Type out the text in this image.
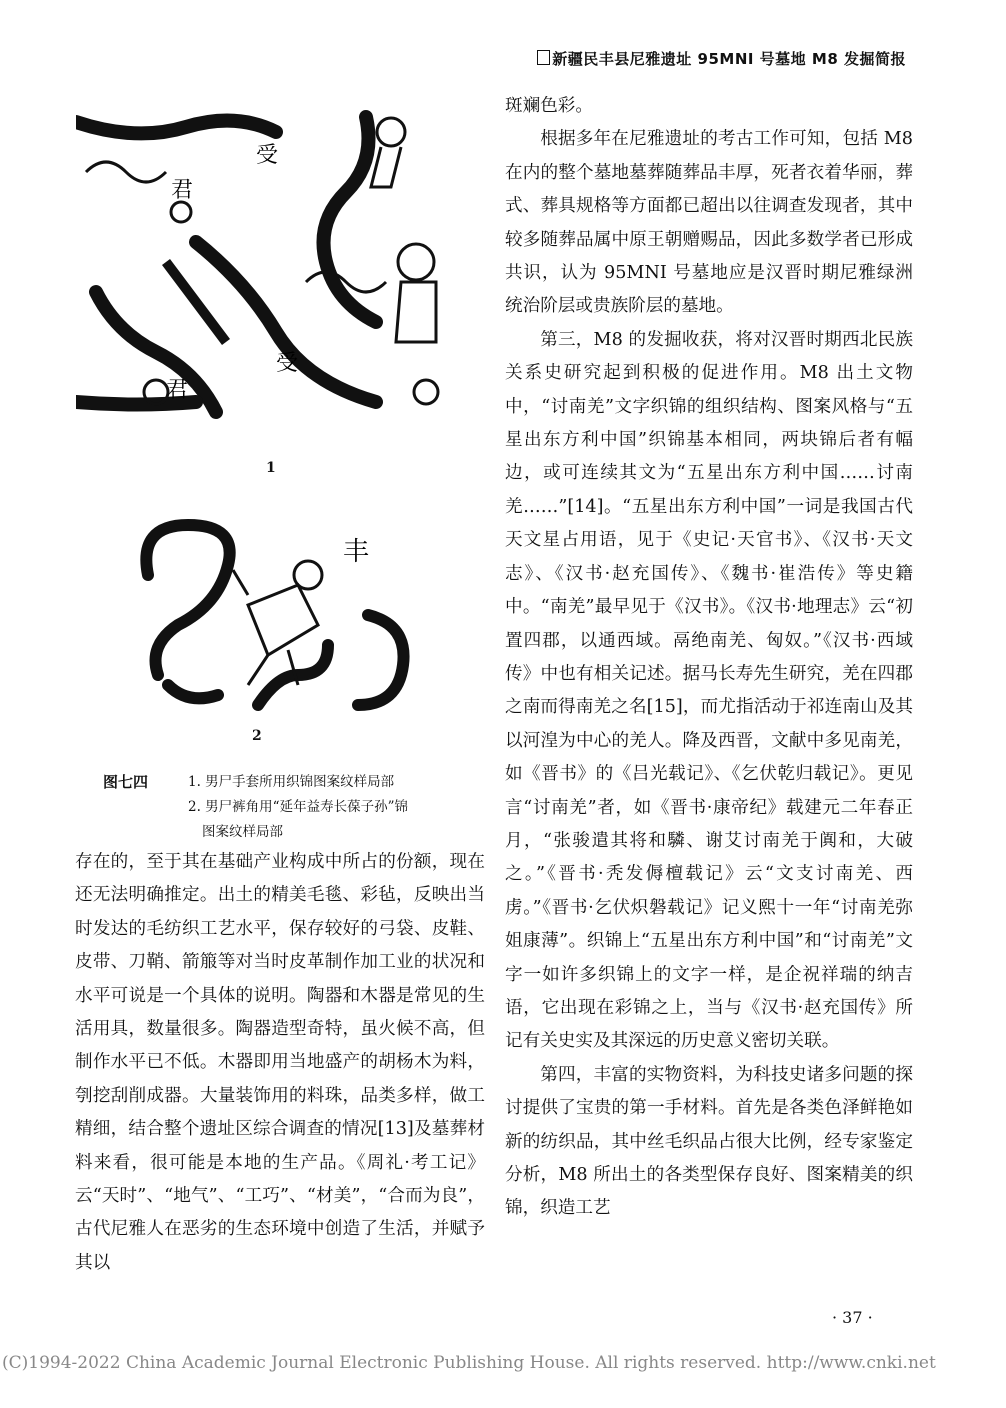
新疆民丰县尼雅遗址 95MNI 号墓地 M8 发掘简报
受
君
受
君
1
丰
2
图七四	1. 男尸手套所用织锦图案纹样局部
2. 男尸裤角用“延年益寿长葆子孙”锦
图案纹样局部

存在的，至于其在基础产业构成中所占的份额，现在还无法明确推定。出土的精美毛毯、彩毡，反映出当时发达的毛纺织工艺水平，保存较好的弓袋、皮鞋、皮带、刀鞘、箭箙等对当时皮革制作加工业的状况和水平可说是一个具体的说明。陶器和木器是常见的生活用具，数量很多。陶器造型奇特，虽火候不高，但制作水平已不低。木器即用当地盛产的胡杨木为料，刳挖刮削成器。大量装饰用的料珠，品类多样，做工精细，结合整个遗址区综合调查的情况[13]及墓葬材料来看，很可能是本地的生产品。《周礼·考工记》云“天时”、“地气”、“工巧”、“材美”，“合而为良”，古代尼雅人在恶劣的生态环境中创造了生活，并赋予其以

斑斓色彩。

根据多年在尼雅遗址的考古工作可知，包括 M8 在内的整个墓地墓葬随葬品丰厚，死者衣着华丽，葬式、葬具规格等方面都已超出以往调查发现者，其中较多随葬品属中原王朝赠赐品，因此多数学者已形成共识，认为 95MNI 号墓地应是汉晋时期尼雅绿洲统治阶层或贵族阶层的墓地。

第三，M8 的发掘收获，将对汉晋时期西北民族关系史研究起到积极的促进作用。M8 出土文物中，“讨南羌”文字织锦的组织结构、图案风格与“五星出东方利中国”织锦基本相同，两块锦后者有幅边，或可连续其文为“五星出东方利中国……讨南羌……”[14]。“五星出东方利中国”一词是我国古代天文星占用语，见于《史记·天官书》、《汉书·天文志》、《汉书·赵充国传》、《魏书·崔浩传》等史籍中。“南羌”最早见于《汉书》。《汉书·地理志》云“初置四郡，以通西域。鬲绝南羌、匈奴。”《汉书·西域传》中也有相关记述。据马长寿先生研究，羌在四郡之南而得南羌之名[15]，而尤指活动于祁连南山及其以河湟为中心的羌人。降及西晋，文献中多见南羌，如《晋书》的《吕光载记》、《乞伏乾归载记》。更见言“讨南羌”者，如《晋书·康帝纪》载建元二年春正月，“张骏遣其将和驎、谢艾讨南羌于阗和，大破之。”《晋书·秃发傉檀载记》云“文支讨南羌、西虏。”《晋书·乞伏炽磐载记》记义熙十一年“讨南羌弥姐康薄”。织锦上“五星出东方利中国”和“讨南羌”文字一如许多织锦上的文字一样，是企祝祥瑞的纳吉语，它出现在彩锦之上，当与《汉书·赵充国传》所记有关史实及其深远的历史意义密切关联。

第四，丰富的实物资料，为科技史诸多问题的探讨提供了宝贵的第一手材料。首先是各类色泽鲜艳如新的纺织品，其中丝毛织品占很大比例，经专家鉴定分析，M8 所出土的各类型保存良好、图案精美的织锦，织造工艺

· 37 ·
(C)1994-2022 China Academic Journal Electronic Publishing House. All rights reserved. http://www.cnki.net
